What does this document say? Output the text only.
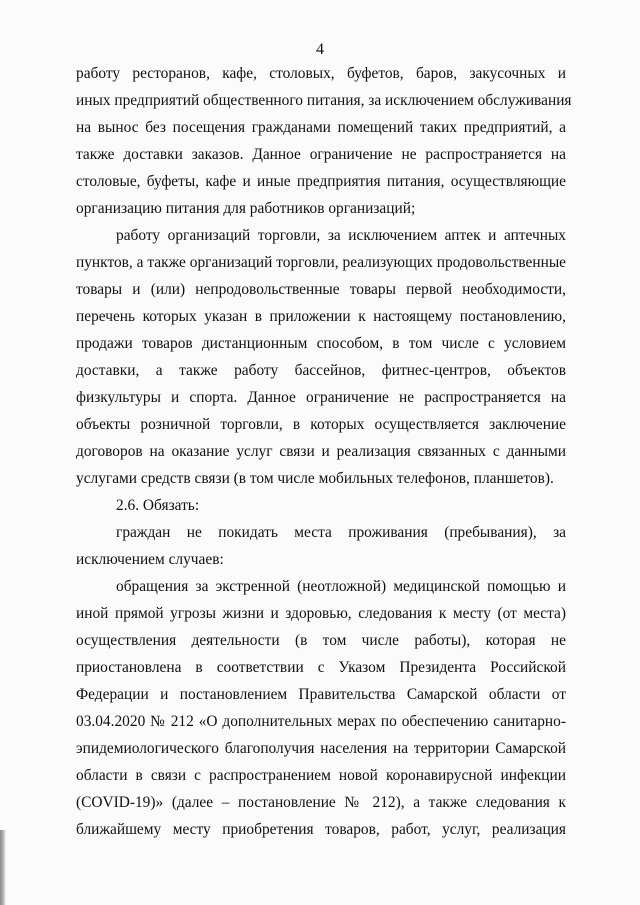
4
работу ресторанов, кафе, столовых, буфетов, баров, закусочных и
иных предприятий общественного питания, за исключением обслуживания
на вынос без посещения гражданами помещений таких предприятий, а
также доставки заказов. Данное ограничение не распространяется на
столовые, буфеты, кафе и иные предприятия питания, осуществляющие
организацию питания для работников организаций;
работу организаций торговли, за исключением аптек и аптечных
пунктов, а также организаций торговли, реализующих продовольственные
товары и (или) непродовольственные товары первой необходимости,
перечень которых указан в приложении к настоящему постановлению,
продажи товаров дистанционным способом, в том числе с условием
доставки, а также работу бассейнов, фитнес-центров, объектов
физкультуры и спорта. Данное ограничение не распространяется на
объекты розничной торговли, в которых осуществляется заключение
договоров на оказание услуг связи и реализация связанных с данными
услугами средств связи (в том числе мобильных телефонов, планшетов).
2.6. Обязать:
граждан не покидать места проживания (пребывания), за
исключением случаев:
обращения за экстренной (неотложной) медицинской помощью и
иной прямой угрозы жизни и здоровью, следования к месту (от места)
осуществления деятельности (в том числе работы), которая не
приостановлена в соответствии с Указом Президента Российской
Федерации и постановлением Правительства Самарской области от
03.04.2020 № 212 «О дополнительных мерах по обеспечению санитарно-
эпидемиологического благополучия населения на территории Самарской
области в связи с распространением новой коронавирусной инфекции
(COVID-19)» (далее – постановление № 212), а также следования к
ближайшему месту приобретения товаров, работ, услуг, реализация
